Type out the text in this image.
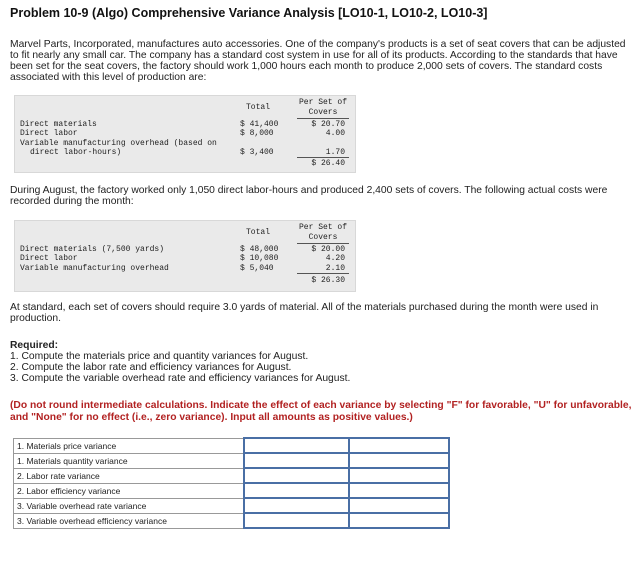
Problem 10-9 (Algo) Comprehensive Variance Analysis [LO10-1, LO10-2, LO10-3]
Marvel Parts, Incorporated, manufactures auto accessories. One of the company's products is a set of seat covers that can be adjusted to fit nearly any small car. The company has a standard cost system in use for all of its products. According to the standards that have been set for the seat covers, the factory should work 1,000 hours each month to produce 2,000 sets of covers. The standard costs associated with this level of production are:
Total
Per Set of Covers
Direct materials	$ 41,400	$ 20.70
Direct labor	$ 8,000	4.00
Variable manufacturing overhead (based on
direct labor-hours)	$ 3,400	1.70
$ 26.40
During August, the factory worked only 1,050 direct labor-hours and produced 2,400 sets of covers. The following actual costs were recorded during the month:
Total
Per Set of Covers
Direct materials (7,500 yards)	$ 48,000	$ 20.00
Direct labor	$ 10,080	4.20
Variable manufacturing overhead	$ 5,040	2.10
$ 26.30
At standard, each set of covers should require 3.0 yards of material. All of the materials purchased during the month were used in production.
Required:
1. Compute the materials price and quantity variances for August.
2. Compute the labor rate and efficiency variances for August.
3. Compute the variable overhead rate and efficiency variances for August.
(Do not round intermediate calculations. Indicate the effect of each variance by selecting "F" for favorable, "U" for unfavorable, and "None" for no effect (i.e., zero variance). Input all amounts as positive values.)
1. Materials price variance		
1. Materials quantity variance		
2. Labor rate variance		
2. Labor efficiency variance		
3. Variable overhead rate variance		
3. Variable overhead efficiency variance		
